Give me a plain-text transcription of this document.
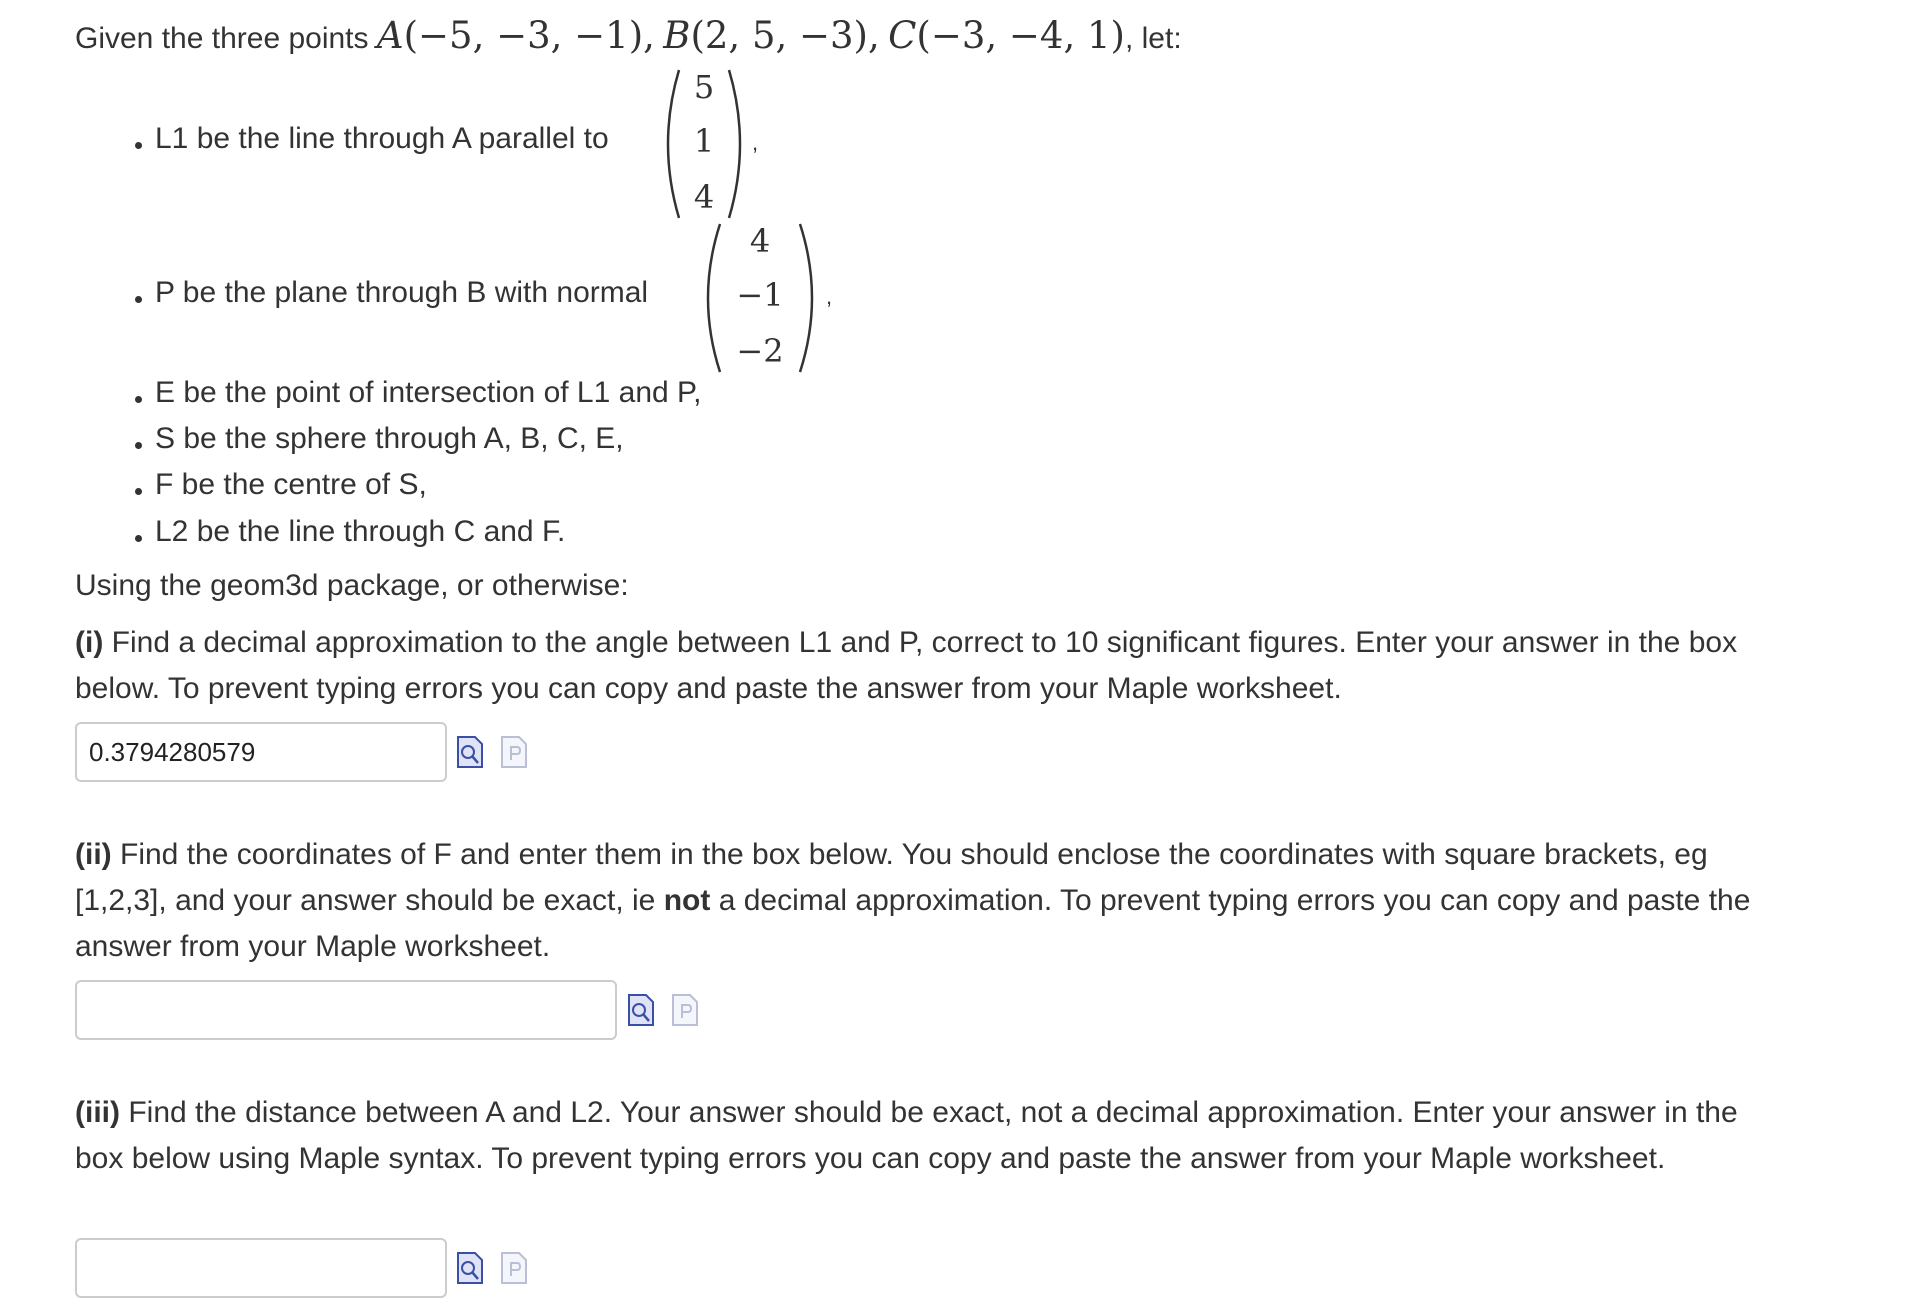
Given the three points A(−5, −3, −1), B(2, 5, −3), C(−3, −4, 1), let:
L1 be the line through A parallel to
5
1
4
,
P be the plane through B with normal
4
−1
−2
,
E be the point of intersection of L1 and P,
S be the sphere through A, B, C, E,
F be the centre of S,
L2 be the line through C and F.
Using the geom3d package, or otherwise:
(i) Find a decimal approximation to the angle between L1 and P, correct to 10 significant figures. Enter your answer in the box below. To prevent typing errors you can copy and paste the answer from your Maple worksheet.
0.3794280579
(ii) Find the coordinates of F and enter them in the box below. You should enclose the coordinates with square brackets, eg [1,2,3], and your answer should be exact, ie not a decimal approximation. To prevent typing errors you can copy and paste the answer from your Maple worksheet.
(iii) Find the distance between A and L2. Your answer should be exact, not a decimal approximation. Enter your answer in the box below using Maple syntax. To prevent typing errors you can copy and paste the answer from your Maple worksheet.
